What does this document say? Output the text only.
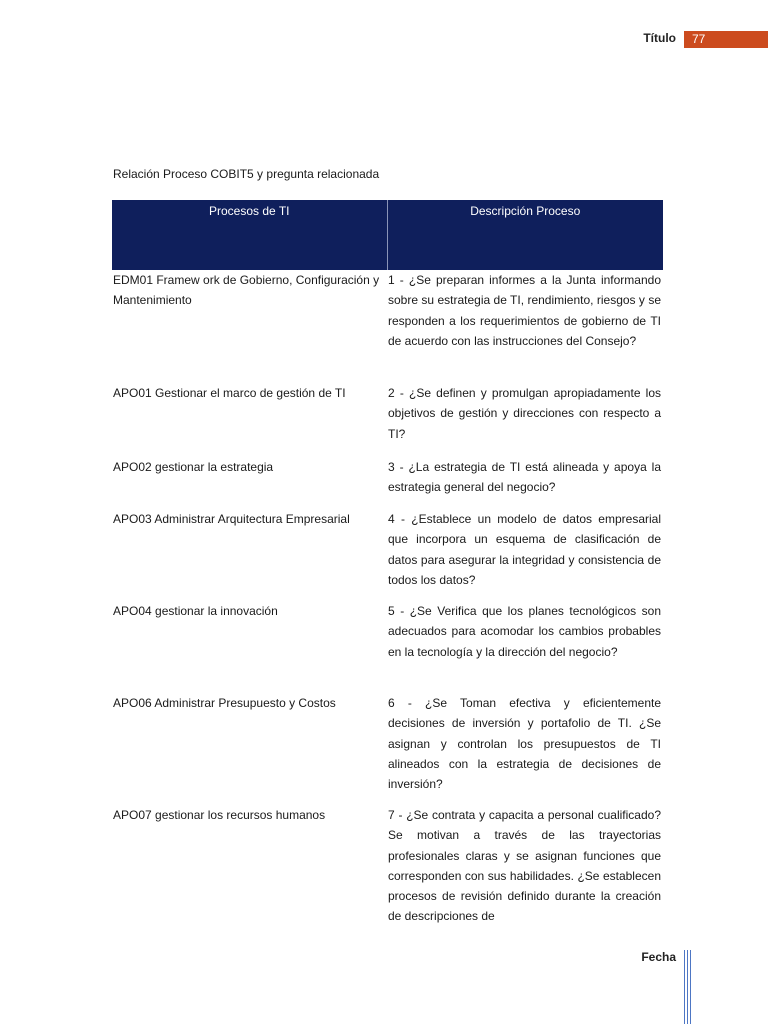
Título	77
Relación Proceso COBIT5 y pregunta relacionada
Procesos de TI	Descripción Proceso
EDM01 Framew ork de Gobierno, Configuración y Mantenimiento	1 - ¿Se preparan informes a la Junta informando sobre su estrategia de TI, rendimiento, riesgos y se responden a los requerimientos de gobierno de TI de acuerdo con las instrucciones del Consejo?
APO01 Gestionar el marco de gestión de TI	2 - ¿Se definen y promulgan apropiadamente los objetivos de gestión y direcciones con respecto a TI?
APO02 gestionar la estrategia	3 - ¿La estrategia de TI está alineada y apoya la estrategia general del negocio?
APO03 Administrar Arquitectura Empresarial	4 - ¿Establece un modelo de datos empresarial que incorpora un esquema de clasificación de datos para asegurar la integridad y consistencia de todos los datos?
APO04 gestionar la innovación	5 - ¿Se Verifica que los planes tecnológicos son adecuados para acomodar los cambios probables en la tecnología y la dirección del negocio?
APO06 Administrar Presupuesto y Costos	6 - ¿Se Toman efectiva y eficientemente decisiones de inversión y portafolio de TI. ¿Se asignan y controlan los presupuestos de TI alineados con la estrategia de decisiones de inversión?
APO07 gestionar los recursos humanos	7 - ¿Se contrata y capacita a personal cualificado? Se motivan a través de las trayectorias profesionales claras y se asignan funciones que corresponden con sus habilidades. ¿Se establecen procesos de revisión definido durante la creación de descripciones de
Fecha
